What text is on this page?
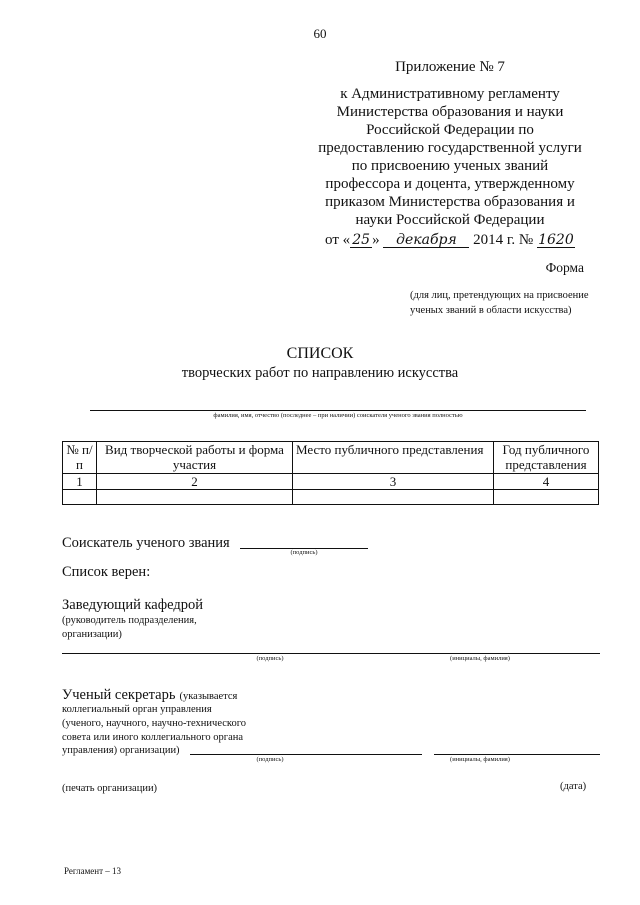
60
Приложение № 7
к Административному регламенту
Министерства образования и науки
Российской Федерации по
предоставлению государственной услуги
по присвоению ученых званий
профессора и доцента, утвержденному
приказом Министерства образования и
науки Российской Федерации
от « 25 » декабря 2014 г. № 1620
Форма
(для лиц, претендующих на присвоение
ученых званий в области искусства)
СПИСОК
творческих работ по направлению искусства
фамилия, имя, отчество (последнее – при наличии) соискателя ученого звания полностью
№ п/п	Вид творческой работы и форма участия	Место публичного представления	Год публичного представления
1	2	3	4

Соискатель ученого звания
(подпись)
Список верен:
Заведующий кафедрой
(руководитель подразделения,
организации)
(подпись)	(инициалы, фамилия)
Ученый секретарь (указывается
коллегиальный орган управления
(ученого, научного, научно-технического
совета или иного коллегиального органа
управления) организации)
(подпись)	(инициалы, фамилия)
(печать организации)	(дата)
Регламент – 13
